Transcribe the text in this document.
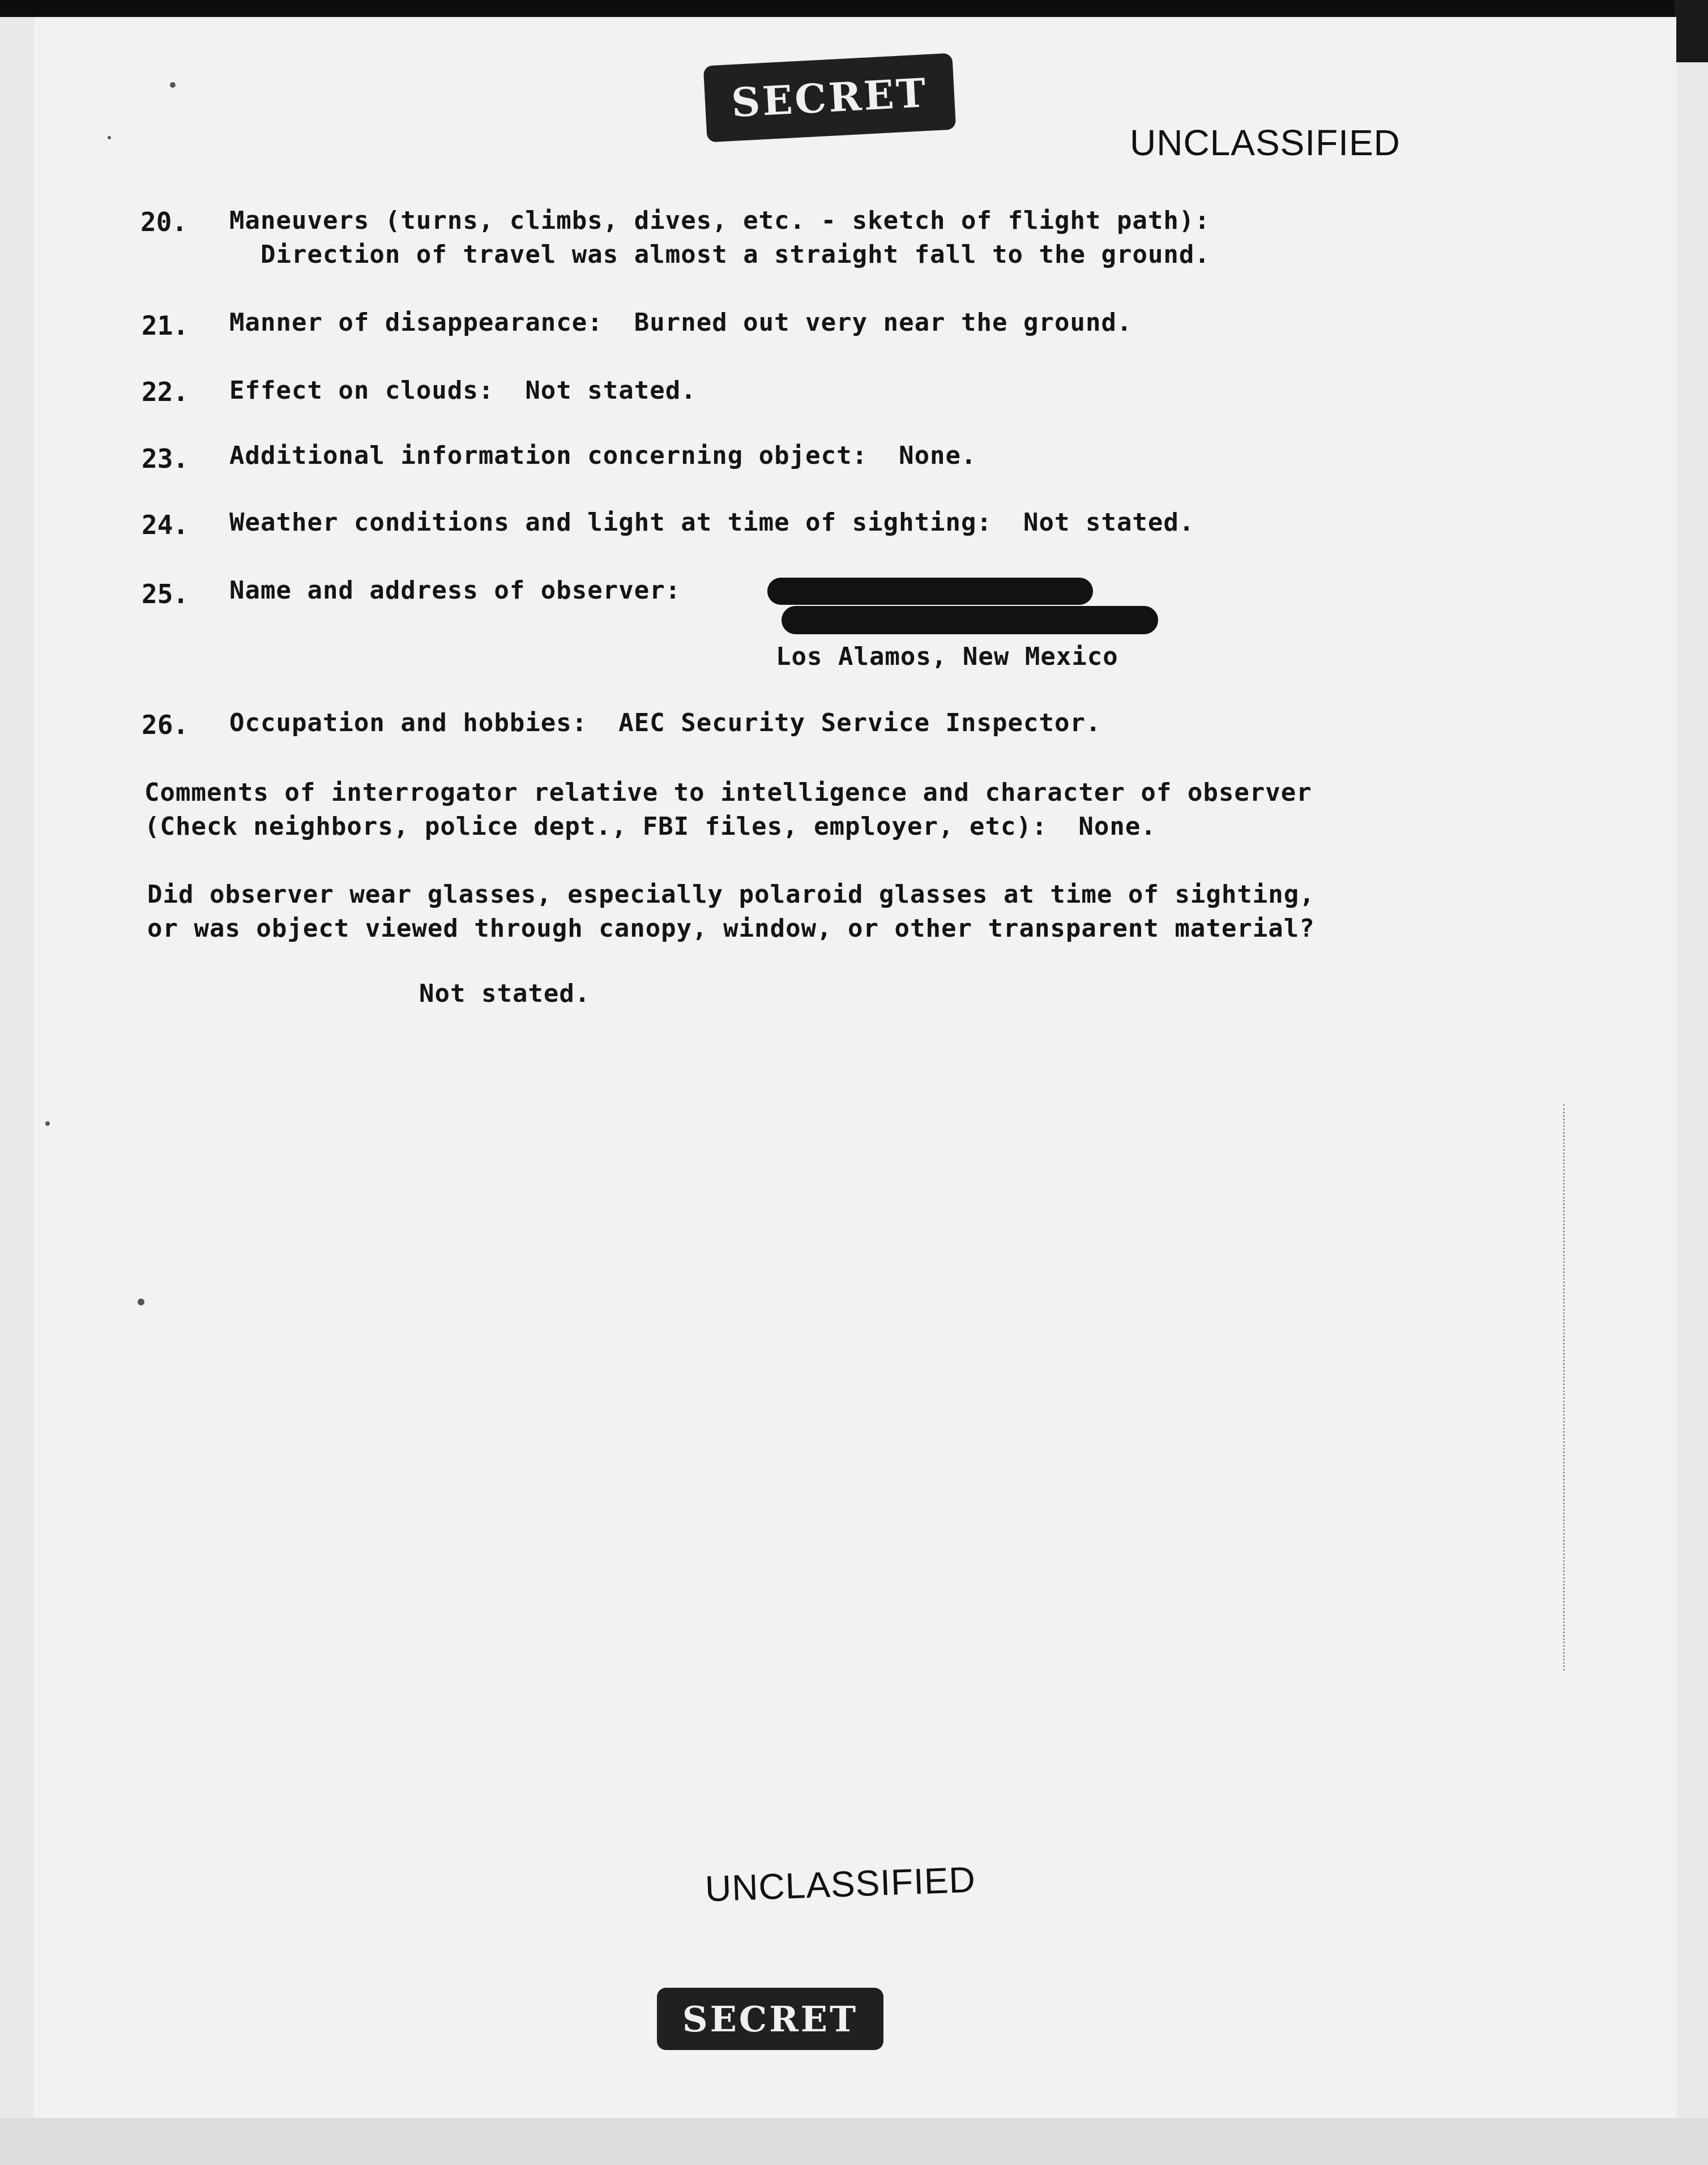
SECRET
UNCLASSIFIED
20. Maneuvers (turns, climbs, dives, etc. - sketch of flight path):
Direction of travel was almost a straight fall to the ground.
21. Manner of disappearance:  Burned out very near the ground.
22. Effect on clouds:  Not stated.
23. Additional information concerning object:  None.
24. Weather conditions and light at time of sighting:  Not stated.
25. Name and address of observer:
Los Alamos, New Mexico
26. Occupation and hobbies:  AEC Security Service Inspector.
Comments of interrogator relative to intelligence and character of observer
(Check neighbors, police dept., FBI files, employer, etc):  None.
Did observer wear glasses, especially polaroid glasses at time of sighting,
or was object viewed through canopy, window, or other transparent material?
Not stated.
UNCLASSIFIED
SECRET
